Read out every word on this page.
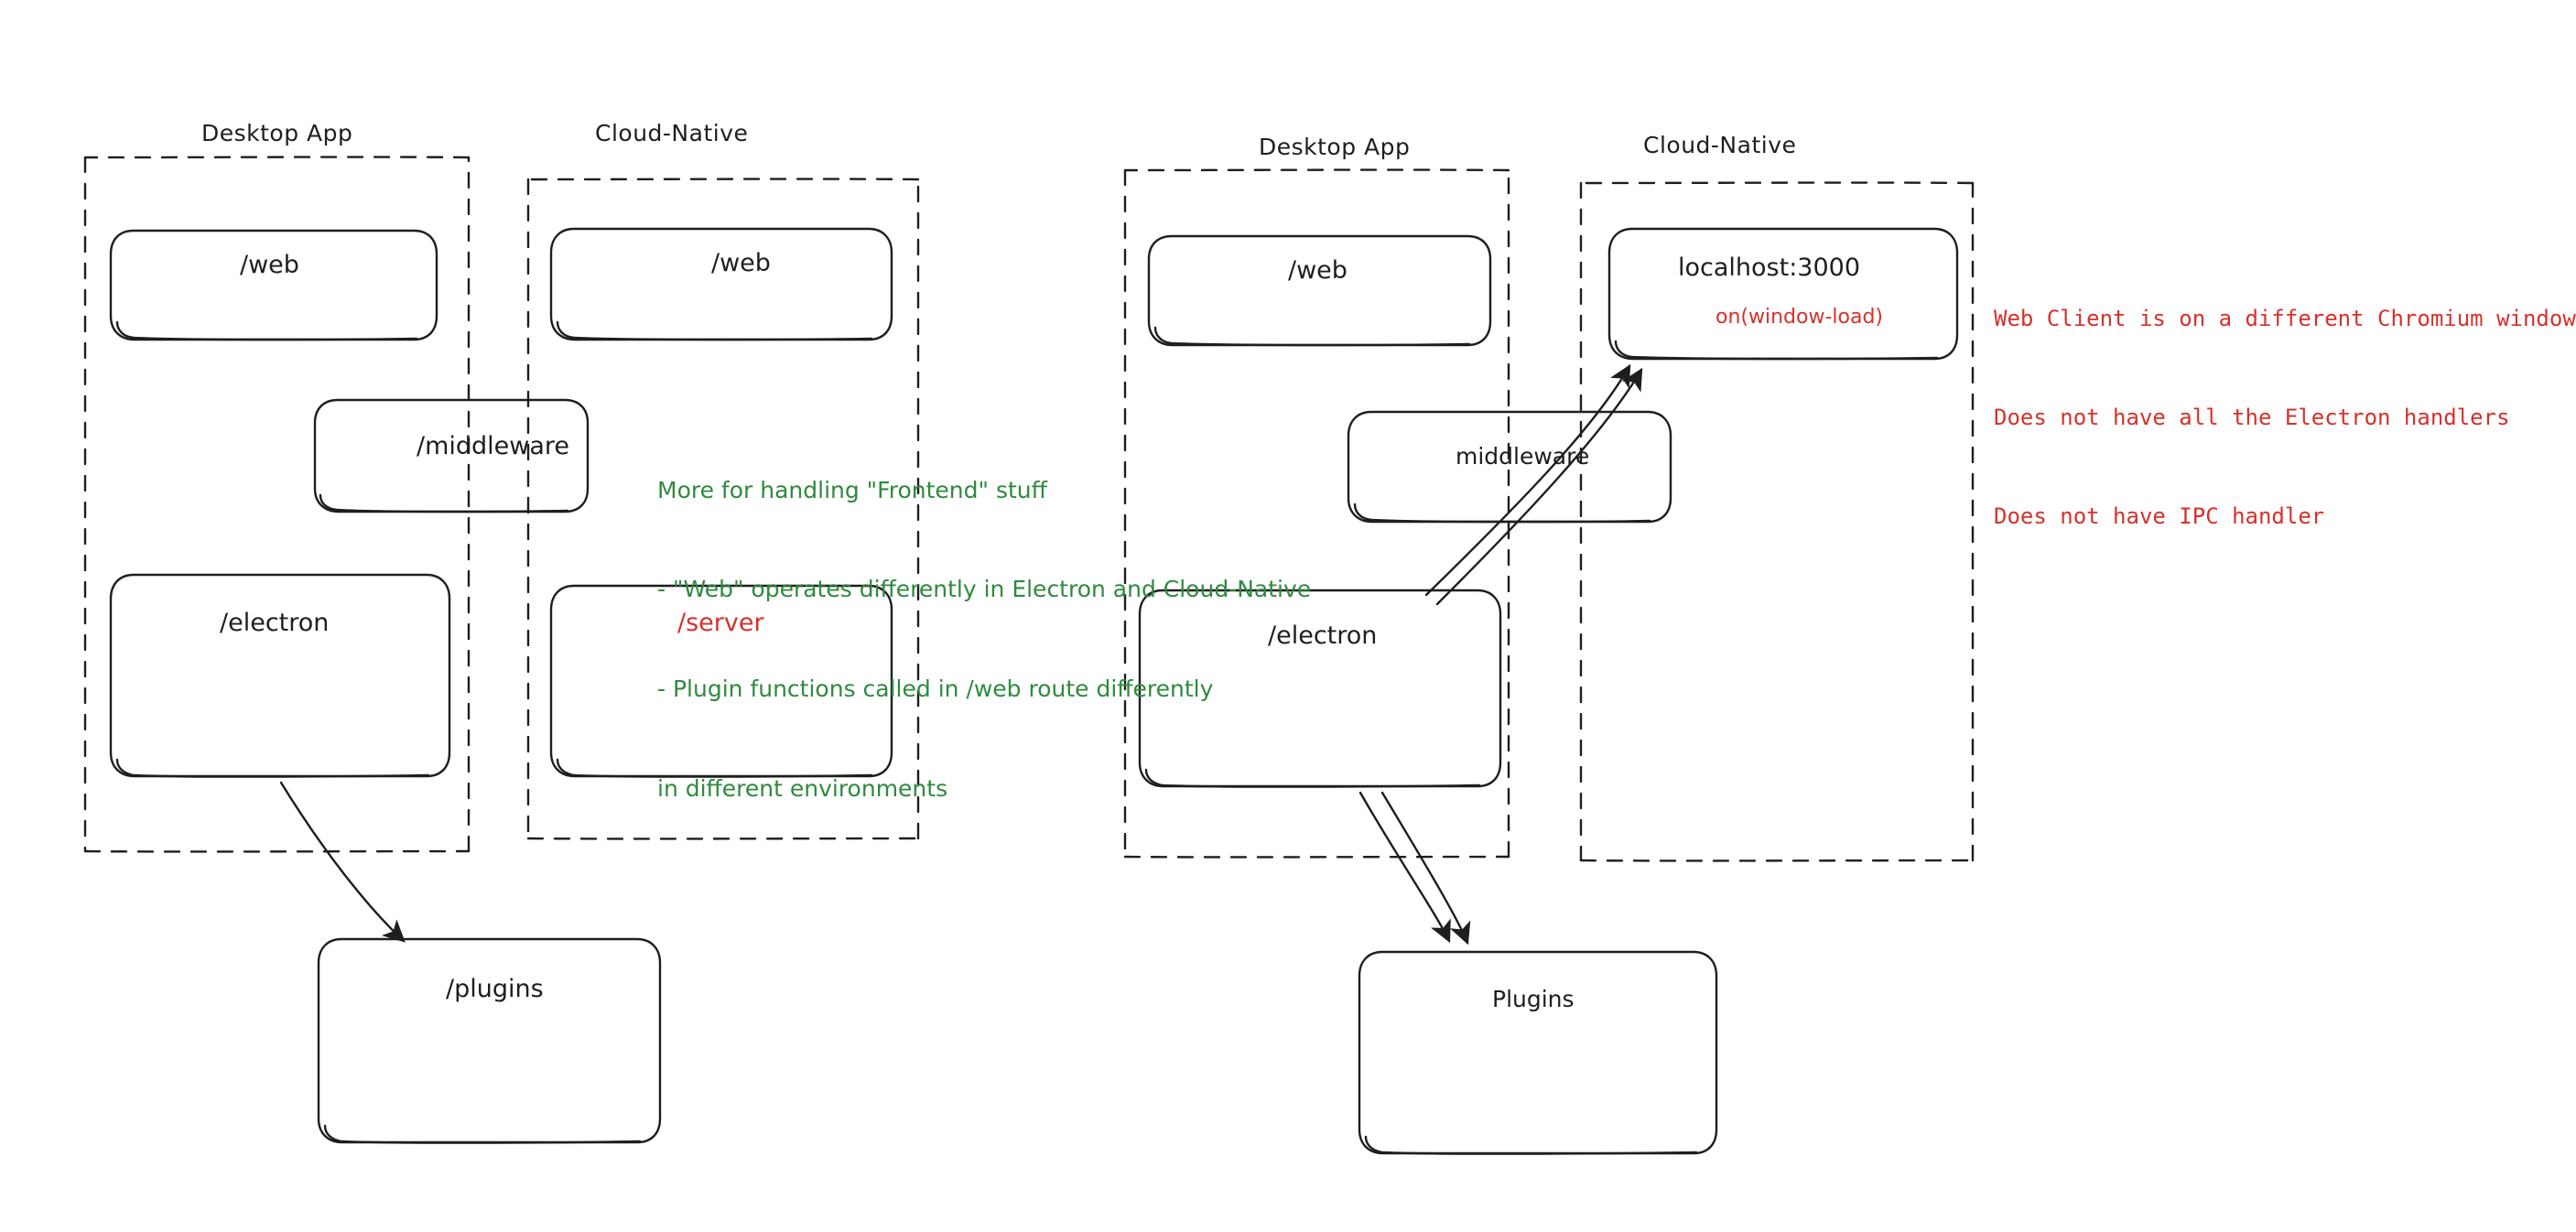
Desktop App	Cloud-Native
Desktop App	Cloud-Native
/web
/middleware
/electron
/web
/server
/plugins
/web
middleware
/electron
localhost:3000
on(window-load)
Plugins

More for handling "Frontend" stuff

- "Web" operates differently in Electron and Cloud-Native

- Plugin functions called in /web route differently

in different environments

Web Client is on a different Chromium window

Does not have all the Electron handlers

Does not have IPC handler
